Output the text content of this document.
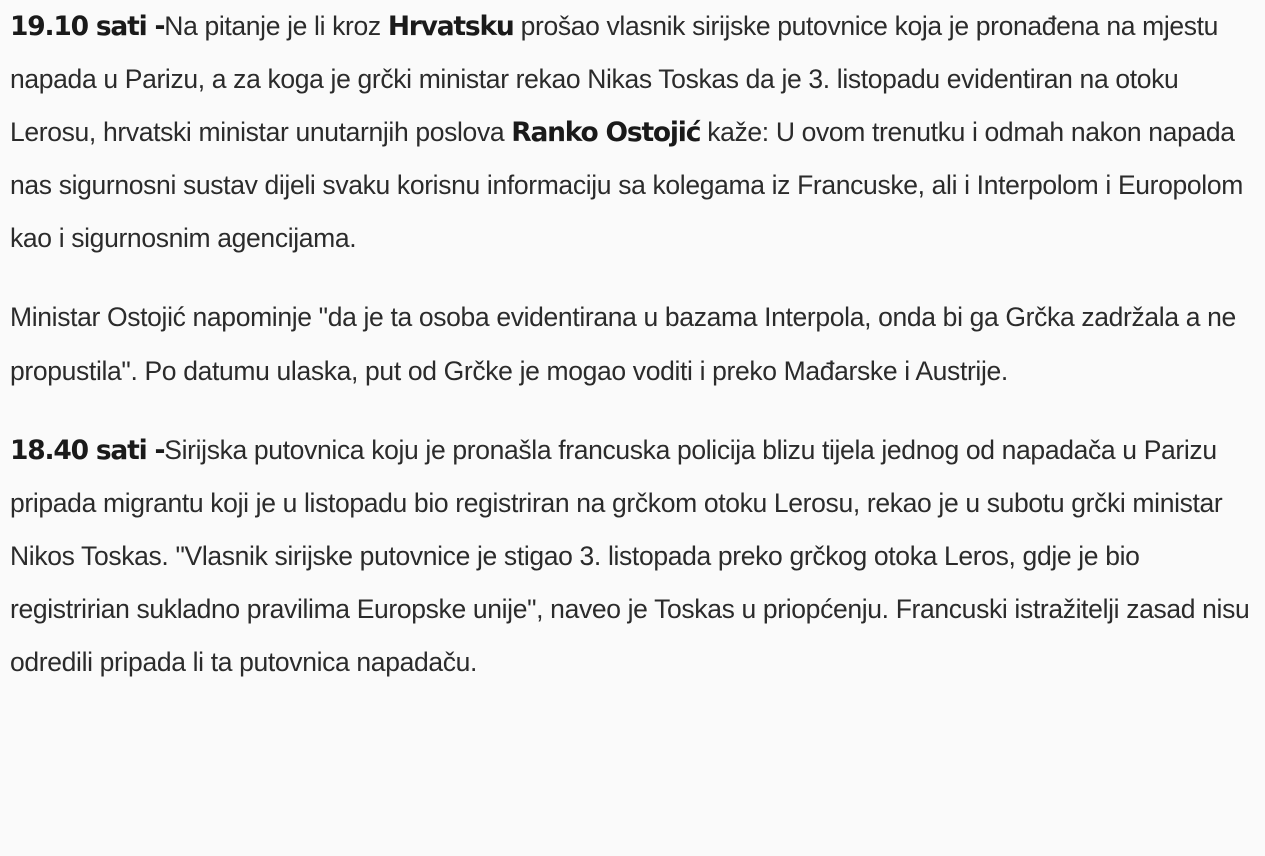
19.10 sati -Na pitanje je li kroz Hrvatsku prošao vlasnik sirijske putovnice koja je pronađena na mjestu napada u Parizu, a za koga je grčki ministar rekao Nikas Toskas da je 3. listopadu evidentiran na otoku Lerosu, hrvatski ministar unutarnjih poslova Ranko Ostojić kaže: U ovom trenutku i odmah nakon napada nas sigurnosni sustav dijeli svaku korisnu informaciju sa kolegama iz Francuske, ali i Interpolom i Europolom kao i sigurnosnim agencijama.

Ministar Ostojić napominje "da je ta osoba evidentirana u bazama Interpola, onda bi ga Grčka zadržala a ne propustila". Po datumu ulaska, put od Grčke je mogao voditi i preko Mađarske i Austrije.

18.40 sati -Sirijska putovnica koju je pronašla francuska policija blizu tijela jednog od napadača u Parizu pripada migrantu koji je u listopadu bio registriran na grčkom otoku Lerosu, rekao je u subotu grčki ministar Nikos Toskas. "Vlasnik sirijske putovnice je stigao 3. listopada preko grčkog otoka Leros, gdje je bio registririan sukladno pravilima Europske unije", naveo je Toskas u priopćenju. Francuski istražitelji zasad nisu odredili pripada li ta putovnica napadaču.
